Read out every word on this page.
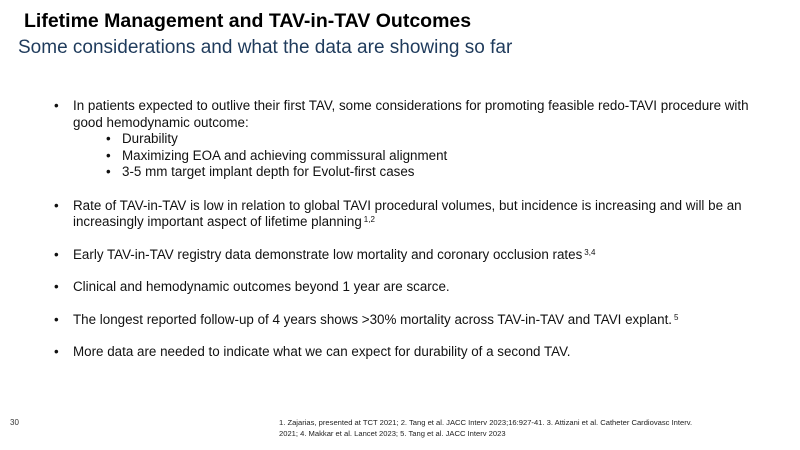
Lifetime Management and TAV-in-TAV Outcomes
Some considerations and what the data are showing so far
• In patients expected to outlive their first TAV, some considerations for promoting feasible redo-TAVI procedure with good hemodynamic outcome:
• Durability
• Maximizing EOA and achieving commissural alignment
• 3-5 mm target implant depth for Evolut-first cases
• Rate of TAV-in-TAV is low in relation to global TAVI procedural volumes, but incidence is increasing and will be an increasingly important aspect of lifetime planning $^{1,2}$
• Early TAV-in-TAV registry data demonstrate low mortality and coronary occlusion rates $^{3,4}$
• Clinical and hemodynamic outcomes beyond 1 year are scarce.
• The longest reported follow-up of 4 years shows >30% mortality across TAV-in-TAV and TAVI explant. $^5$
• More data are needed to indicate what we can expect for durability of a second TAV.
30	1. Zajarias, presented at TCT 2021; 2. Tang et al. JACC Interv 2023;16:927-41. 3. Attizani et al. Catheter Cardiovasc Interv. 2021; 4. Makkar et al. Lancet 2023; 5. Tang et al. JACC Interv 2023
